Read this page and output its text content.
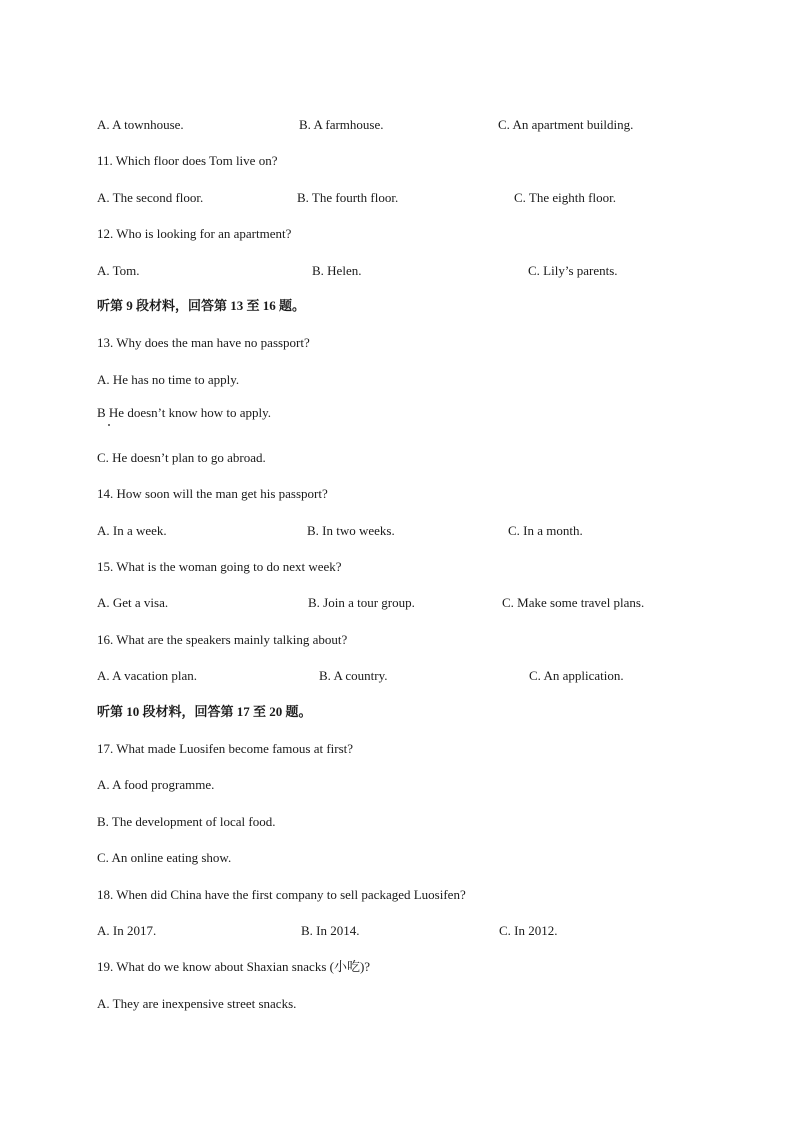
A. A townhouse.	B. A farmhouse.	C. An apartment building.
11. Which floor does Tom live on?
A. The second floor.	B. The fourth floor.	C. The eighth floor.
12. Who is looking for an apartment?
A. Tom.	B. Helen.	C. Lily’s parents.
听第 9 段材料，回答第 13 至 16 题。
13. Why does the man have no passport?
A. He has no time to apply.
B He doesn’t know how to apply.
C. He doesn’t plan to go abroad.
14. How soon will the man get his passport?
A. In a week.	B. In two weeks.	C. In a month.
15. What is the woman going to do next week?
A. Get a visa.	B. Join a tour group.	C. Make some travel plans.
16. What are the speakers mainly talking about?
A. A vacation plan.	B. A country.	C. An application.
听第 10 段材料，回答第 17 至 20 题。
17. What made Luosifen become famous at first?
A. A food programme.
B. The development of local food.
C. An online eating show.
18. When did China have the first company to sell packaged Luosifen?
A. In 2017.	B. In 2014.	C. In 2012.
19. What do we know about Shaxian snacks (小吃)?
A. They are inexpensive street snacks.
